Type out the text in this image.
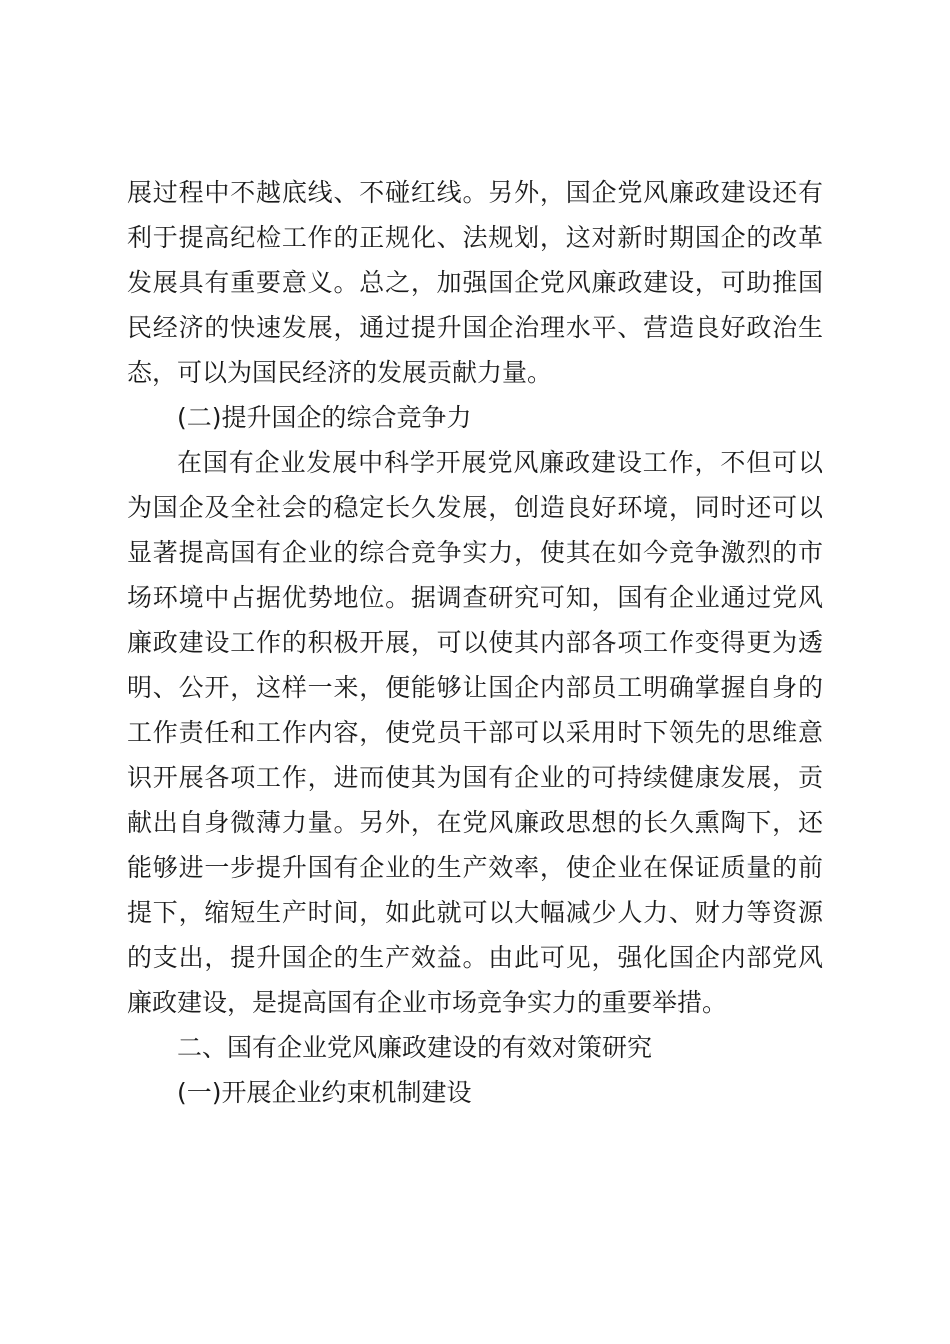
展过程中不越底线、不碰红线。另外，国企党风廉政建设还有利于提高纪检工作的正规化、法规划，这对新时期国企的改革发展具有重要意义。总之，加强国企党风廉政建设，可助推国民经济的快速发展，通过提升国企治理水平、营造良好政治生态，可以为国民经济的发展贡献力量。

(二)提升国企的综合竞争力

在国有企业发展中科学开展党风廉政建设工作，不但可以为国企及全社会的稳定长久发展，创造良好环境，同时还可以显著提高国有企业的综合竞争实力，使其在如今竞争激烈的市场环境中占据优势地位。据调查研究可知，国有企业通过党风廉政建设工作的积极开展，可以使其内部各项工作变得更为透明、公开，这样一来，便能够让国企内部员工明确掌握自身的工作责任和工作内容，使党员干部可以采用时下领先的思维意识开展各项工作，进而使其为国有企业的可持续健康发展，贡献出自身微薄力量。另外，在党风廉政思想的长久熏陶下，还能够进一步提升国有企业的生产效率，使企业在保证质量的前提下，缩短生产时间，如此就可以大幅减少人力、财力等资源的支出，提升国企的生产效益。由此可见，强化国企内部党风廉政建设，是提高国有企业市场竞争实力的重要举措。

二、国有企业党风廉政建设的有效对策研究

(一)开展企业约束机制建设
